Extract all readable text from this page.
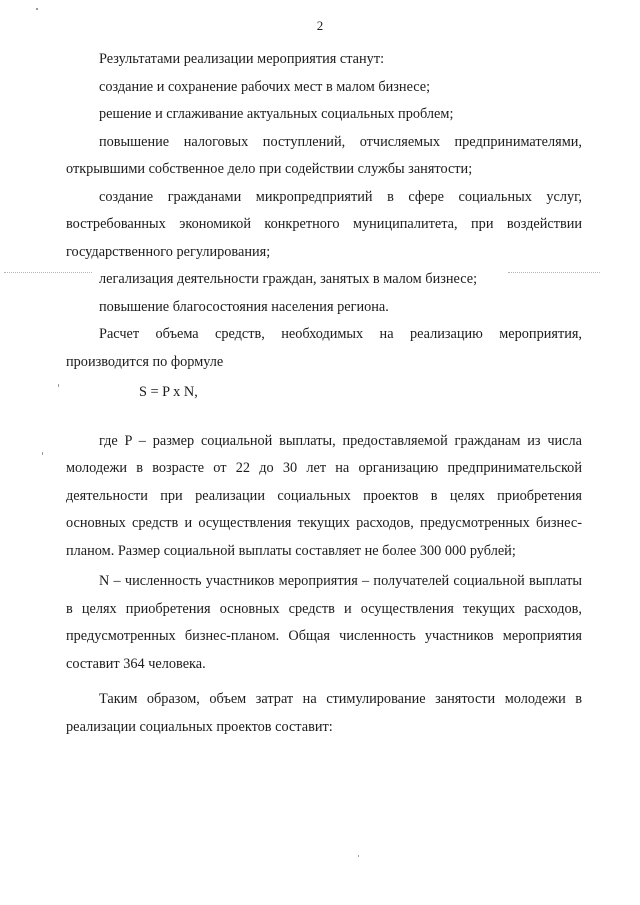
2

Результатами реализации мероприятия станут:

создание и сохранение рабочих мест в малом бизнесе;

решение и сглаживание актуальных социальных проблем;

повышение налоговых поступлений, отчисляемых предпринимателями, открывшими собственное дело при содействии службы занятости;

создание гражданами микропредприятий в сфере социальных услуг, востребованных экономикой конкретного муниципалитета, при воздействии государственного регулирования;

легализация деятельности граждан, занятых в малом бизнесе;

повышение благосостояния населения региона.

Расчет объема средств, необходимых на реализацию мероприятия, производится по формуле

S = P x N,

где P – размер социальной выплаты, предоставляемой гражданам из числа молодежи в возрасте от 22 до 30 лет на организацию предпринимательской деятельности при реализации социальных проектов в целях приобретения основных средств и осуществления текущих расходов, предусмотренных бизнес-планом. Размер социальной выплаты составляет не более 300 000 рублей;

N – численность участников мероприятия – получателей социальной выплаты в целях приобретения основных средств и осуществления текущих расходов, предусмотренных бизнес-планом. Общая численность участников мероприятия составит 364 человека.

Таким образом, объем затрат на стимулирование занятости молодежи в реализации социальных проектов составит:
